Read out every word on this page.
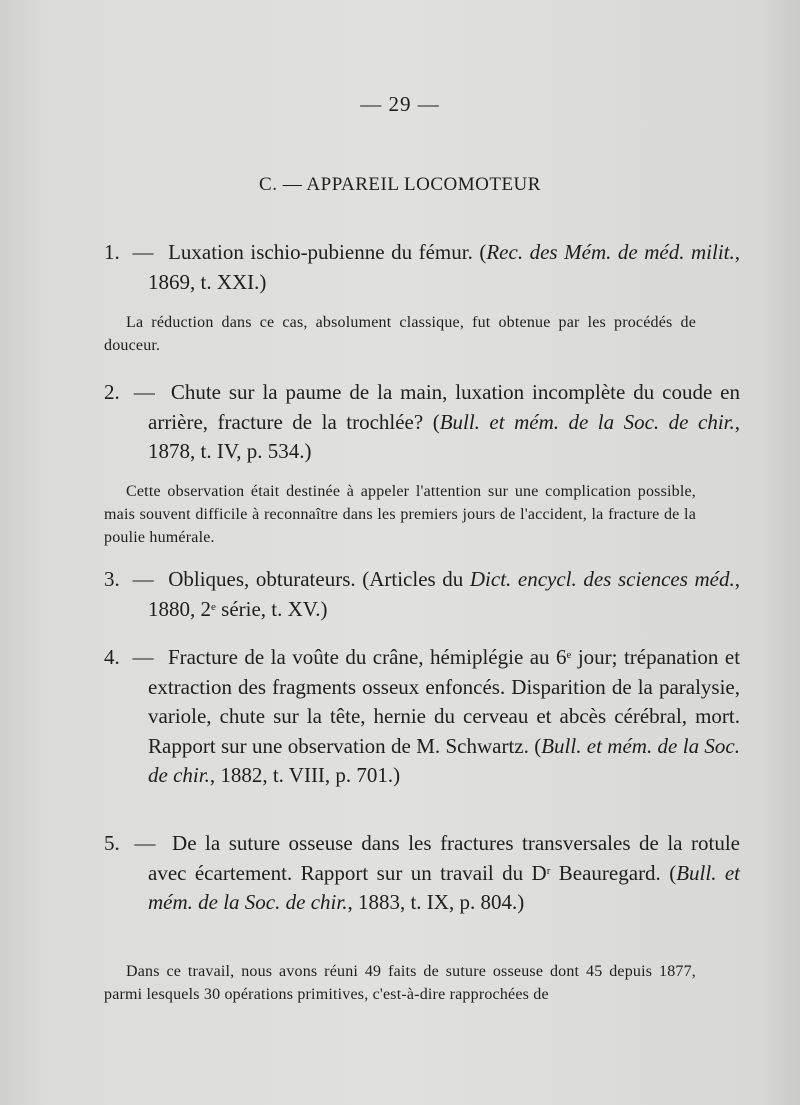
— 29 —
C. — APPAREIL LOCOMOTEUR
1. — Luxation ischio-pubienne du fémur. (Rec. des Mém. de méd. milit., 1869, t. XXI.)
La réduction dans ce cas, absolument classique, fut obtenue par les procédés de douceur.
2. — Chute sur la paume de la main, luxation incomplète du coude en arrière, fracture de la trochlée? (Bull. et mém. de la Soc. de chir., 1878, t. IV, p. 534.)
Cette observation était destinée à appeler l'attention sur une complication possible, mais souvent difficile à reconnaître dans les premiers jours de l'accident, la fracture de la poulie humérale.
3. — Obliques, obturateurs. (Articles du Dict. encycl. des sciences méd., 1880, 2e série, t. XV.)
4. — Fracture de la voûte du crâne, hémiplégie au 6e jour; trépanation et extraction des fragments osseux enfoncés. Disparition de la paralysie, variole, chute sur la tête, hernie du cerveau et abcès cérébral, mort. Rapport sur une observation de M. Schwartz. (Bull. et mém. de la Soc. de chir., 1882, t. VIII, p. 701.)
5. — De la suture osseuse dans les fractures transversales de la rotule avec écartement. Rapport sur un travail du $D^r$ Beauregard. (Bull. et mém. de la Soc. de chir., 1883, t. IX, p. 804.)
Dans ce travail, nous avons réuni 49 faits de suture osseuse dont 45 depuis 1877, parmi lesquels 30 opérations primitives, c'est-à-dire rapprochées de
